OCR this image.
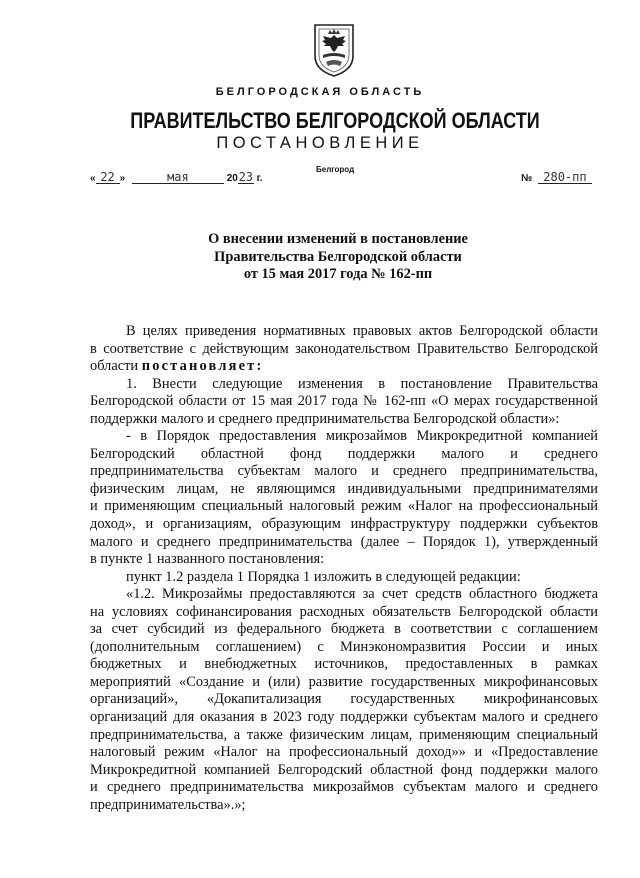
БЕЛГОРОДСКАЯ ОБЛАСТЬ
ПРАВИТЕЛЬСТВО БЕЛГОРОДСКОЙ ОБЛАСТИ
ПОСТАНОВЛЕНИЕ
Белгород
« 22 »	мая	2023 г.	№ 280-пп
О внесении изменений в постановление
Правительства Белгородской области
от 15 мая 2017 года № 162-пп
В целях приведения нормативных правовых актов Белгородской области
в соответствие с действующим законодательством Правительство Белгородской
области постановляет:
1. Внести следующие изменения в постановление Правительства
Белгородской области от 15 мая 2017 года № 162-пп «О мерах государственной
поддержки малого и среднего предпринимательства Белгородской области»:
- в Порядок предоставления микрозаймов Микрокредитной компанией
Белгородский областной фонд поддержки малого и среднего
предпринимательства субъектам малого и среднего предпринимательства,
физическим лицам, не являющимся индивидуальными предпринимателями
и применяющим специальный налоговый режим «Налог на профессиональный
доход», и организациям, образующим инфраструктуру поддержки субъектов
малого и среднего предпринимательства (далее – Порядок 1), утвержденный
в пункте 1 названного постановления:
пункт 1.2 раздела 1 Порядка 1 изложить в следующей редакции:
«1.2. Микрозаймы предоставляются за счет средств областного бюджета
на условиях софинансирования расходных обязательств Белгородской области
за счет субсидий из федерального бюджета в соответствии с соглашением
(дополнительным соглашением) с Минэкономразвития России и иных
бюджетных и внебюджетных источников, предоставленных в рамках
мероприятий «Создание и (или) развитие государственных микрофинансовых
организаций», «Докапитализация государственных микрофинансовых
организаций для оказания в 2023 году поддержки субъектам малого и среднего
предпринимательства, а также физическим лицам, применяющим специальный
налоговый режим «Налог на профессиональный доход»» и «Предоставление
Микрокредитной компанией Белгородский областной фонд поддержки малого
и среднего предпринимательства микрозаймов субъектам малого и среднего
предпринимательства».»;
